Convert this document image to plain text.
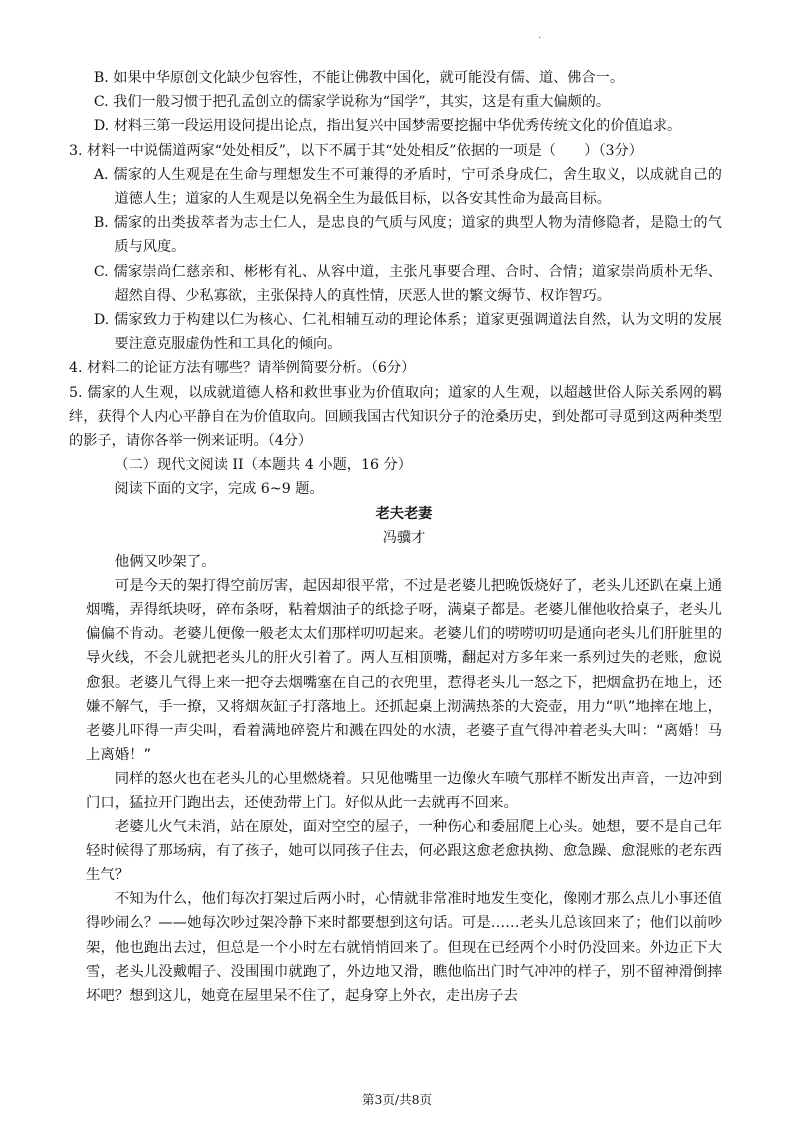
.

B. 如果中华原创文化缺少包容性，不能让佛教中国化，就可能没有儒、道、佛合一。

C. 我们一般习惯于把孔孟创立的儒家学说称为“国学”，其实，这是有重大偏颇的。

D. 材料三第一段运用设问提出论点，指出复兴中国梦需要挖掘中华优秀传统文化的价值追求。

3. 材料一中说儒道两家“处处相反”，以下不属于其“处处相反”依据的一项是（　　）（3分）

A. 儒家的人生观是在生命与理想发生不可兼得的矛盾时，宁可杀身成仁，舍生取义，以成就自己的道德人生；道家的人生观是以免祸全生为最低目标，以各安其性命为最高目标。

B. 儒家的出类拔萃者为志士仁人，是忠良的气质与风度；道家的典型人物为清修隐者，是隐士的气质与风度。

C. 儒家崇尚仁慈亲和、彬彬有礼、从容中道，主张凡事要合理、合时、合情；道家崇尚质朴无华、超然自得、少私寡欲，主张保持人的真性情，厌恶人世的繁文缛节、权诈智巧。

D. 儒家致力于构建以仁为核心、仁礼相辅互动的理论体系；道家更强调道法自然，认为文明的发展要注意克服虚伪性和工具化的倾向。

4. 材料二的论证方法有哪些？请举例简要分析。（6分）

5. 儒家的人生观，以成就道德人格和救世事业为价值取向；道家的人生观，以超越世俗人际关系网的羁绊，获得个人内心平静自在为价值取向。回顾我国古代知识分子的沧桑历史，到处都可寻觅到这两种类型的影子，请你各举一例来证明。（4分）

（二）现代文阅读 II（本题共 4 小题，16 分）

阅读下面的文字，完成 6~9 题。

老夫老妻

冯骥才

他俩又吵架了。

可是今天的架打得空前厉害，起因却很平常，不过是老婆儿把晚饭烧好了，老头儿还趴在桌上通烟嘴，弄得纸块呀，碎布条呀，粘着烟油子的纸捻子呀，满桌子都是。老婆儿催他收拾桌子，老头儿偏偏不肯动。老婆儿便像一般老太太们那样叨叨起来。老婆儿们的唠唠叨叨是通向老头儿们肝脏里的导火线，不会儿就把老头儿的肝火引着了。两人互相顶嘴，翻起对方多年来一系列过失的老账，愈说愈狠。老婆儿气得上来一把夺去烟嘴塞在自己的衣兜里，惹得老头儿一怒之下，把烟盒扔在地上，还嫌不解气，手一撩，又将烟灰缸子打落地上。还抓起桌上沏满热茶的大瓷壶，用力“叭”地摔在地上，老婆儿吓得一声尖叫，看着满地碎瓷片和溅在四处的水渍，老婆子直气得冲着老头大叫：“离婚！马上离婚！”

同样的怒火也在老头儿的心里燃烧着。只见他嘴里一边像火车喷气那样不断发出声音，一边冲到门口，猛拉开门跑出去，还使劲带上门。好似从此一去就再不回来。

老婆儿火气未消，站在原处，面对空空的屋子，一种伤心和委屈爬上心头。她想，要不是自己年轻时候得了那场病，有了孩子，她可以同孩子住去，何必跟这愈老愈执拗、愈急躁、愈混账的老东西生气？

不知为什么，他们每次打架过后两小时，心情就非常准时地发生变化，像刚才那么点儿小事还值得吵闹么？——她每次吵过架冷静下来时都要想到这句话。可是……老头儿总该回来了；他们以前吵架，他也跑出去过，但总是一个小时左右就悄悄回来了。但现在已经两个小时仍没回来。外边正下大雪，老头儿没戴帽子、没围围巾就跑了，外边地又滑，瞧他临出门时气冲冲的样子，别不留神滑倒摔坏吧？想到这儿，她竟在屋里呆不住了，起身穿上外衣，走出房子去

第3页/共8页
